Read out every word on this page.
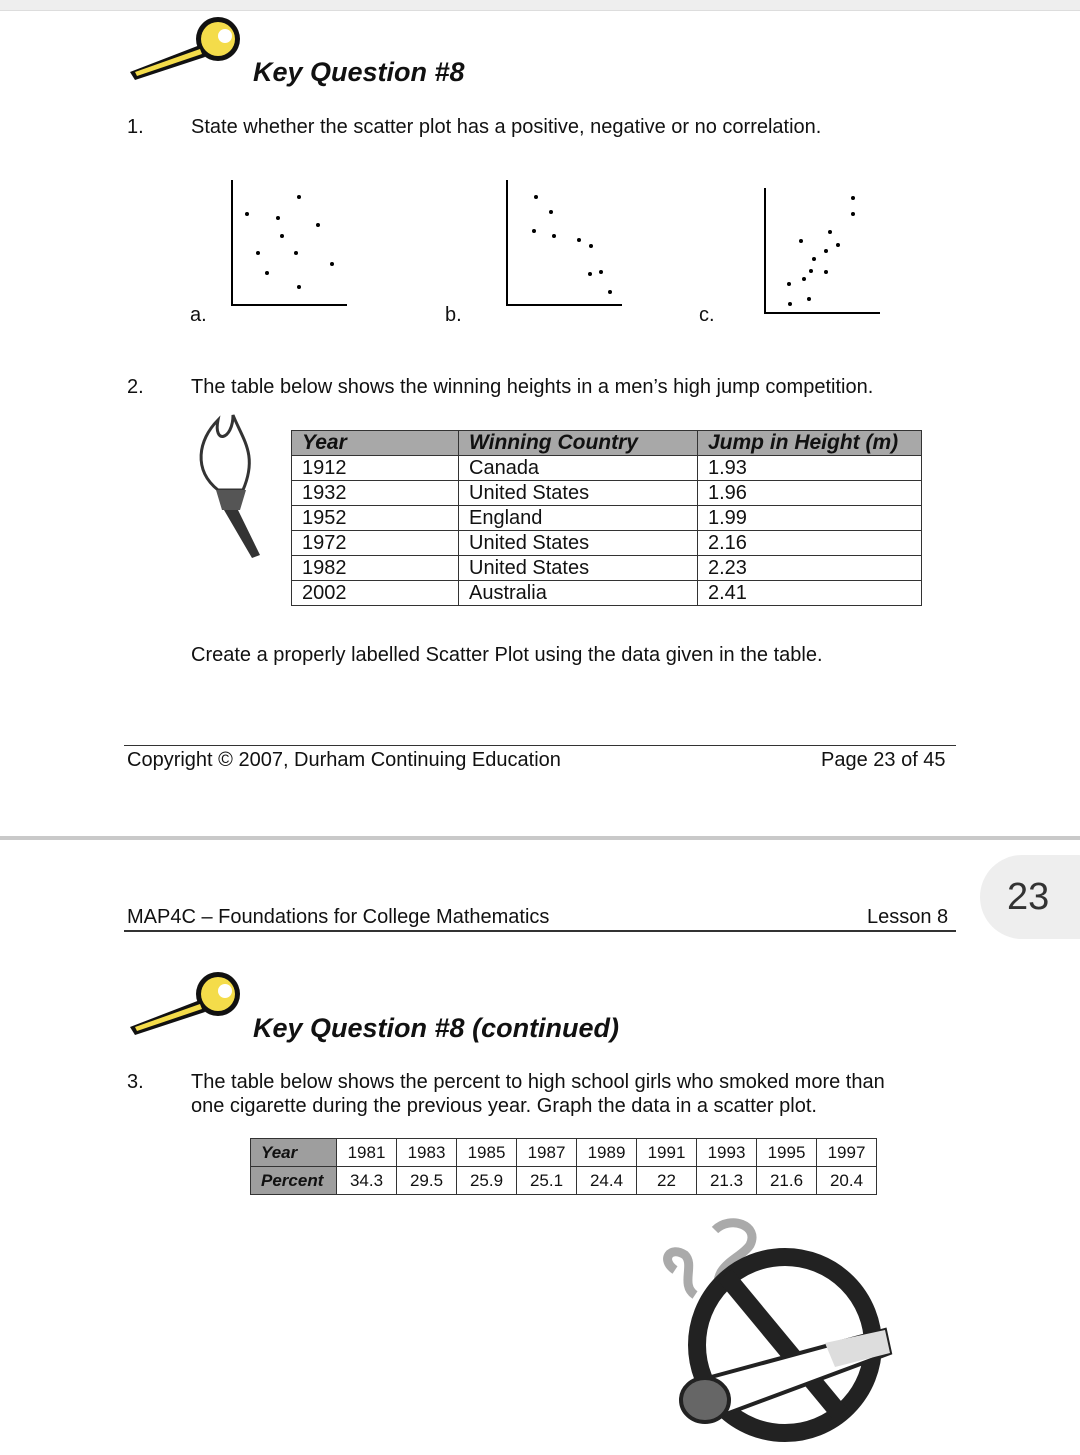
Key Question #8
1. State whether the scatter plot has a positive, negative or no correlation.
a.	b.	c.
2. The table below shows the winning heights in a men’s high jump competition.
Year	Winning Country	Jump in Height (m)
1912	Canada	1.93
1932	United States	1.96
1952	England	1.99
1972	United States	2.16
1982	United States	2.23
2002	Australia	2.41
Create a properly labelled Scatter Plot using the data given in the table.
Copyright © 2007, Durham Continuing Education	Page 23 of 45
23
MAP4C – Foundations for College Mathematics	Lesson 8
Key Question #8 (continued)
3. The table below shows the percent to high school girls who smoked more than
one cigarette during the previous year. Graph the data in a scatter plot.
Year	1981	1983	1985	1987	1989	1991	1993	1995	1997
Percent	34.3	29.5	25.9	25.1	24.4	22	21.3	21.6	20.4
